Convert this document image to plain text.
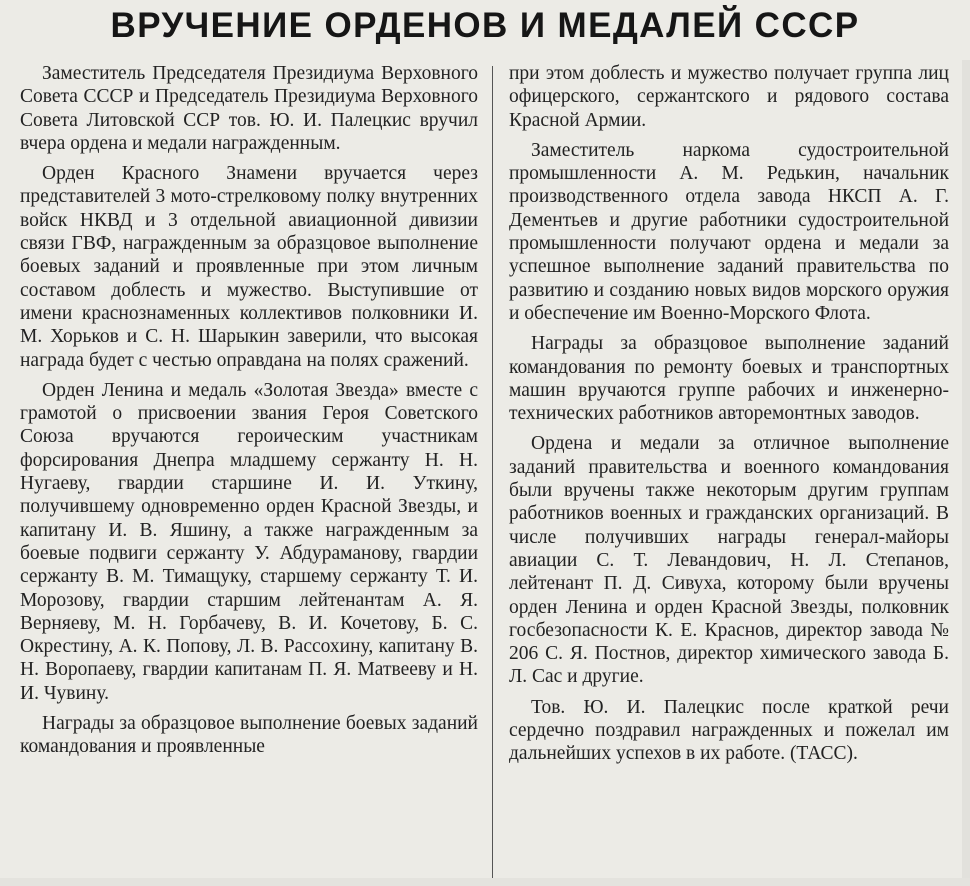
ВРУЧЕНИЕ ОРДЕНОВ И МЕДАЛЕЙ СССР

Заместитель Председателя Президиума Верховного Совета СССР и Председатель Президиума Верховного Совета Литовской ССР тов. Ю. И. Палецкис вручил вчера ордена и медали награжденным.

Орден Красного Знамени вручается через представителей 3 мото-стрелковому полку внутренних войск НКВД и 3 отдельной авиационной дивизии связи ГВФ, награжденным за образцовое выполнение боевых заданий и проявленные при этом личным составом доблесть и мужество. Выступившие от имени краснознаменных коллективов полковники И. М. Хорьков и С. Н. Шарыкин заверили, что высокая награда будет с честью оправдана на полях сражений.

Орден Ленина и медаль «Золотая Звезда» вместе с грамотой о присвоении звания Героя Советского Союза вручаются героическим участникам форсирования Днепра младшему сержанту Н. Н. Нугаеву, гвардии старшине И. И. Уткину, получившему одновременно орден Красной Звезды, и капитану И. В. Яшину, а также награжденным за боевые подвиги сержанту У. Абдураманову, гвардии сержанту В. М. Тимащуку, старшему сержанту Т. И. Морозову, гвардии старшим лейтенантам А. Я. Верняеву, М. Н. Горбачеву, В. И. Кочетову, Б. С. Окрестину, А. К. Попову, Л. В. Рассохину, капитану В. Н. Воропаеву, гвардии капитанам П. Я. Матвееву и Н. И. Чувину.

Награды за образцовое выполнение боевых заданий командования и проявленные

при этом доблесть и мужество получает группа лиц офицерского, сержантского и рядового состава Красной Армии.

Заместитель наркома судостроительной промышленности А. М. Редькин, начальник производственного отдела завода НКСП А. Г. Дементьев и другие работники судостроительной промышленности получают ордена и медали за успешное выполнение заданий правительства по развитию и созданию новых видов морского оружия и обеспечение им Военно-Морского Флота.

Награды за образцовое выполнение заданий командования по ремонту боевых и транспортных машин вручаются группе рабочих и инженерно-технических работников авторемонтных заводов.

Ордена и медали за отличное выполнение заданий правительства и военного командования были вручены также некоторым другим группам работников военных и гражданских организаций. В числе получивших награды генерал-майоры авиации С. Т. Левандович, Н. Л. Степанов, лейтенант П. Д. Сивуха, которому были вручены орден Ленина и орден Красной Звезды, полковник госбезопасности К. Е. Краснов, директор завода № 206 С. Я. Постнов, директор химического завода Б. Л. Сас и другие.

Тов. Ю. И. Палецкис после краткой речи сердечно поздравил награжденных и пожелал им дальнейших успехов в их работе. (ТАСС).
